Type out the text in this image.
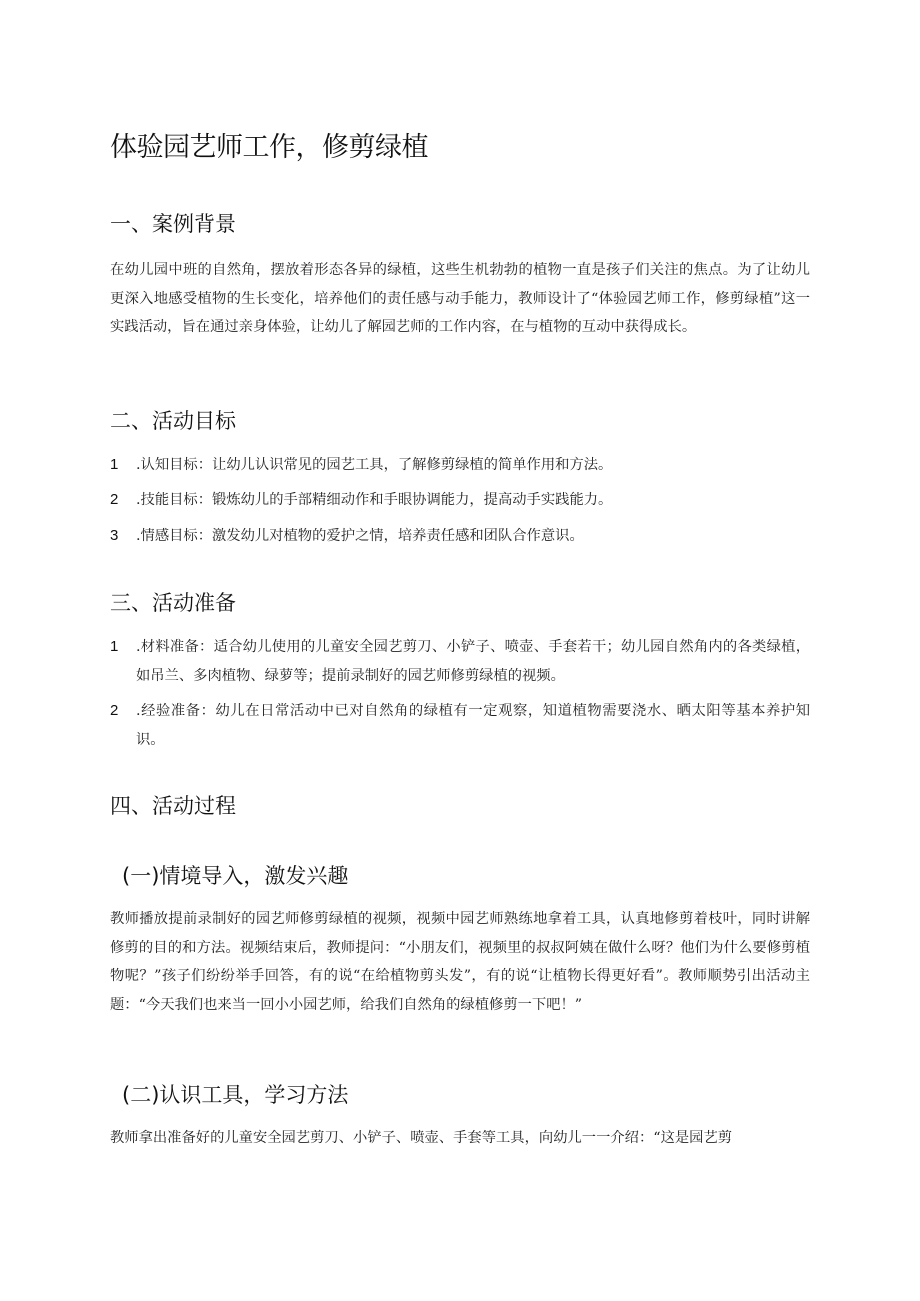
体验园艺师工作，修剪绿植
一、案例背景

在幼儿园中班的自然角，摆放着形态各异的绿植，这些生机勃勃的植物一直是孩子们关注的焦点。为了让幼儿更深入地感受植物的生长变化，培养他们的责任感与动手能力，教师设计了“体验园艺师工作，修剪绿植”这一实践活动，旨在通过亲身体验，让幼儿了解园艺师的工作内容，在与植物的互动中获得成长。

二、活动目标
1 .认知目标：让幼儿认识常见的园艺工具，了解修剪绿植的简单作用和方法。
2 .技能目标：锻炼幼儿的手部精细动作和手眼协调能力，提高动手实践能力。
3 .情感目标：激发幼儿对植物的爱护之情，培养责任感和团队合作意识。
三、活动准备
1 .材料准备：适合幼儿使用的儿童安全园艺剪刀、小铲子、喷壶、手套若干；幼儿园自然角内的各类绿植，如吊兰、多肉植物、绿萝等；提前录制好的园艺师修剪绿植的视频。
2 .经验准备：幼儿在日常活动中已对自然角的绿植有一定观察，知道植物需要浇水、晒太阳等基本养护知识。
四、活动过程
(一)情境导入，激发兴趣

教师播放提前录制好的园艺师修剪绿植的视频，视频中园艺师熟练地拿着工具，认真地修剪着枝叶，同时讲解修剪的目的和方法。视频结束后，教师提问：“小朋友们，视频里的叔叔阿姨在做什么呀？他们为什么要修剪植物呢？”孩子们纷纷举手回答，有的说“在给植物剪头发”，有的说“让植物长得更好看”。教师顺势引出活动主题：“今天我们也来当一回小小园艺师，给我们自然角的绿植修剪一下吧！”

(二)认识工具，学习方法

教师拿出准备好的儿童安全园艺剪刀、小铲子、喷壶、手套等工具，向幼儿一一介绍：“这是园艺剪
